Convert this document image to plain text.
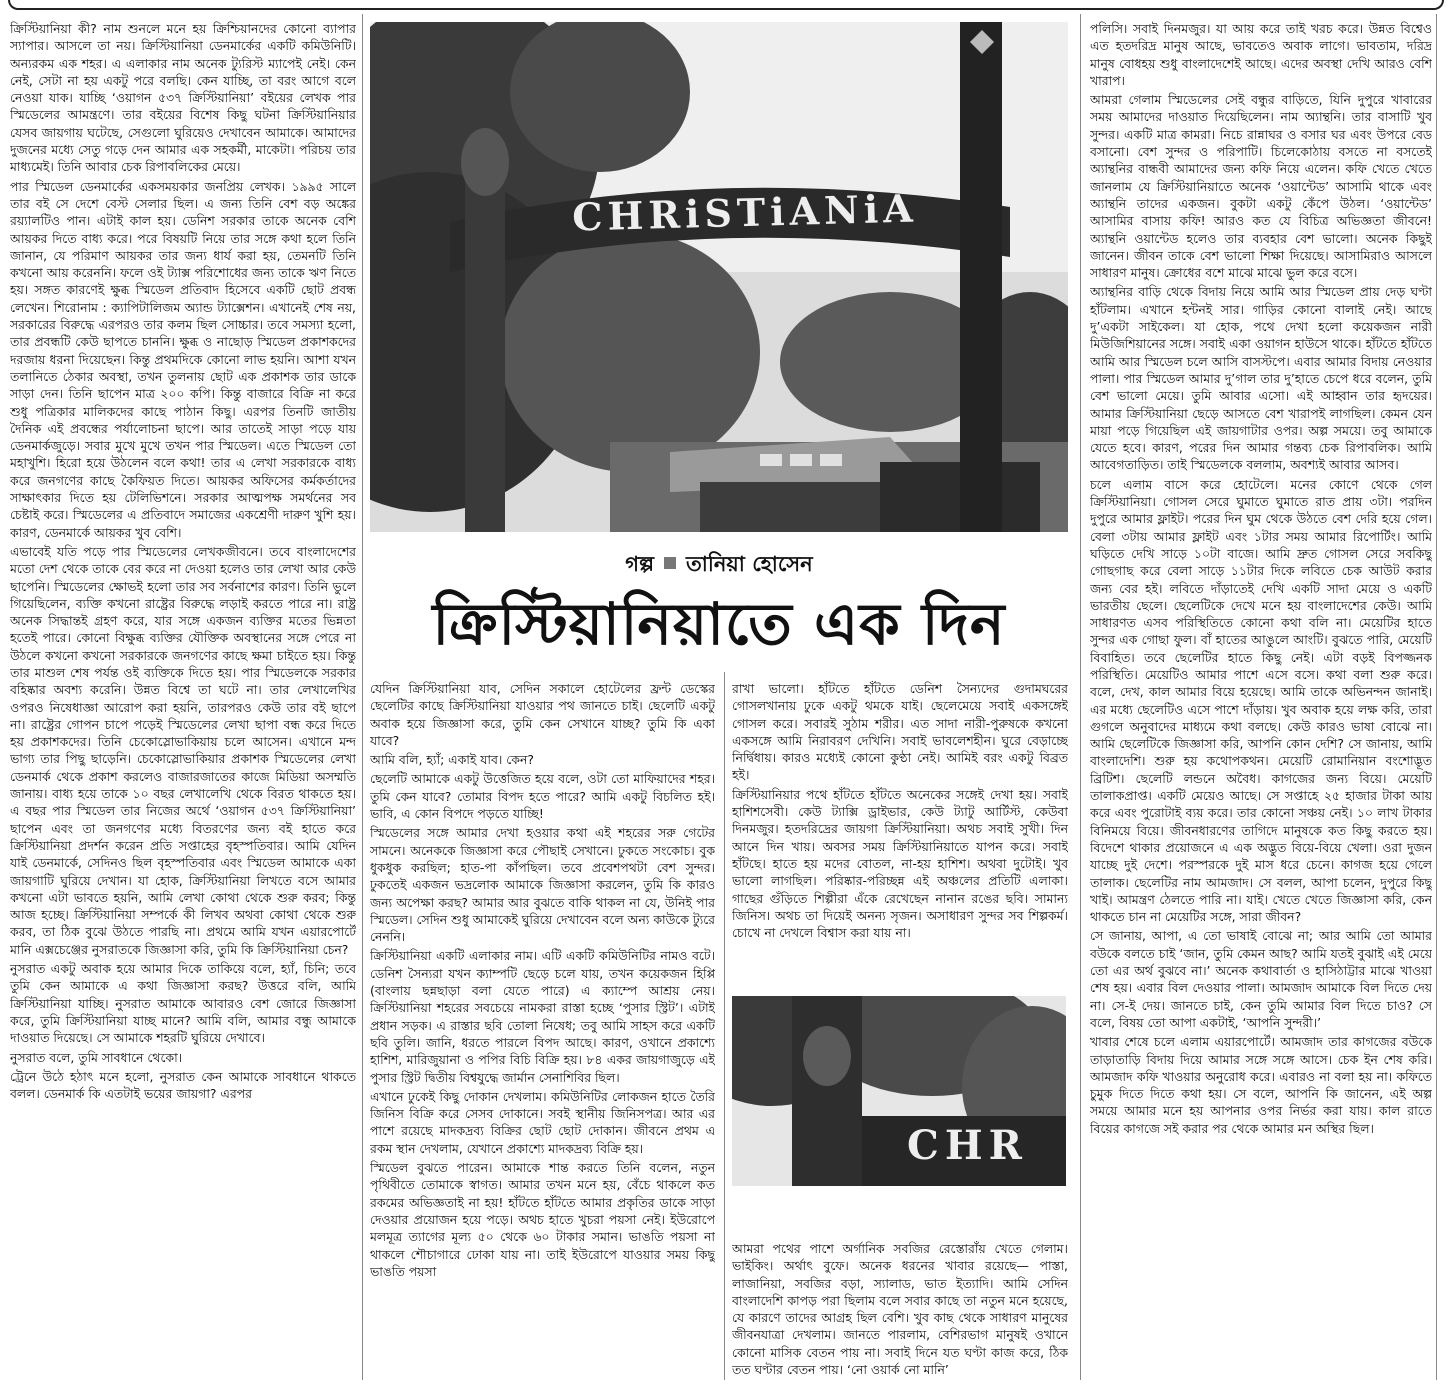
ক্রিস্টিয়ানিয়া কী? নাম শুনলে মনে হয় ক্রিশ্চিয়ানদের কোনো ব্যাপার স্যাপার। আসলে তা নয়। ক্রিস্টিয়ানিয়া ডেনমার্কের একটি কমিউনিটি। অন্যরকম এক শহর। এ এলাকার নাম অনেক ট্যুরিস্ট ম্যাপেই নেই। কেন নেই, সেটা না হয় একটু পরে বলছি। কেন যাচ্ছি, তা বরং আগে বলে নেওয়া যাক। যাচ্ছি ‘ওয়াগন ৫৩৭ ক্রিস্টিয়ানিয়া’ বইয়ের লেখক পার স্মিডেলের আমন্ত্রণে। তার বইয়ের বিশেষ কিছু ঘটনা ক্রিস্টিয়ানিয়ার যেসব জায়গায় ঘটেছে, সেগুলো ঘুরিয়েও দেখাবেন আমাকে। আমাদের দুজনের মধ্যে সেতু গড়ে দেন আমার এক সহকর্মী, মাকেটা। পরিচয় তার মাধ্যমেই। তিনি আবার চেক রিপাবলিকের মেয়ে।

পার স্মিডেল ডেনমার্কের একসময়কার জনপ্রিয় লেখক। ১৯৯৫ সালে তার বই সে দেশে বেস্ট সেলার ছিল। এ জন্য তিনি বেশ বড় অঙ্কের রয়্যালটিও পান। এটাই কাল হয়। ডেনিশ সরকার তাকে অনেক বেশি আয়কর দিতে বাধ্য করে। পরে বিষয়টি নিয়ে তার সঙ্গে কথা হলে তিনি জানান, যে পরিমাণ আয়কর তার জন্য ধার্য করা হয়, তেমনটি তিনি কখনো আয় করেননি। ফলে ওই ট্যাক্স পরিশোধের জন্য তাকে ঋণ নিতে হয়। সঙ্গত কারণেই ক্ষুব্ধ স্মিডেল প্রতিবাদ হিসেবে একটি ছোট প্রবন্ধ লেখেন। শিরোনাম : ক্যাপিটালিজম অ্যান্ড ট্যাক্সেশন। এখানেই শেষ নয়, সরকারের বিরুদ্ধে এরপরও তার কলম ছিল সোচ্চার। তবে সমস্যা হলো, তার প্রবন্ধটি কেউ ছাপতে চাননি। ক্ষুব্ধ ও নাছোড় স্মিডেল প্রকাশকদের দরজায় ধরনা দিয়েছেন। কিন্তু প্রথমদিকে কোনো লাভ হয়নি। আশা যখন তলানিতে ঠেকার অবস্থা, তখন তুলনায় ছোট এক প্রকাশক তার ডাকে সাড়া দেন। তিনি ছাপেন মাত্র ২০০ কপি। কিন্তু বাজারে বিক্রি না করে শুধু পত্রিকার মালিকদের কাছে পাঠান কিছু। এরপর তিনটি জাতীয় দৈনিক এই প্রবন্ধের পর্যালোচনা ছাপে। আর তাতেই সাড়া পড়ে যায় ডেনমার্কজুড়ে। সবার মুখে মুখে তখন পার স্মিডেল। এতে স্মিডেল তো মহাখুশি। হিরো হয়ে উঠলেন বলে কথা! তার এ লেখা সরকারকে বাধ্য করে জনগণের কাছে কৈফিয়ত দিতে। আয়কর অফিসের কর্মকর্তাদের সাক্ষাৎকার দিতে হয় টেলিভিশনে। সরকার আত্মপক্ষ সমর্থনের সব চেষ্টাই করে। স্মিডেলের এ প্রতিবাদে সমাজের একশ্রেণী দারুণ খুশি হয়। কারণ, ডেনমার্কে আয়কর খুব বেশি।

এভাবেই যতি পড়ে পার স্মিডেলের লেখকজীবনে। তবে বাংলাদেশের মতো দেশ থেকে তাকে বের করে না দেওয়া হলেও তার লেখা আর কেউ ছাপেনি। স্মিডেলের ক্ষোভই হলো তার সব সর্বনাশের কারণ। তিনি ভুলে গিয়েছিলেন, ব্যক্তি কখনো রাষ্ট্রের বিরুদ্ধে লড়াই করতে পারে না। রাষ্ট্র অনেক সিদ্ধান্তই গ্রহণ করে, যার সঙ্গে একজন ব্যক্তির মতের ভিন্নতা হতেই পারে। কোনো বিক্ষুব্ধ ব্যক্তির যৌক্তিক অবস্থানের সঙ্গে পেরে না উঠলে কখনো কখনো সরকারকে জনগণের কাছে ক্ষমা চাইতে হয়। কিন্তু তার মাশুল শেষ পর্যন্ত ওই ব্যক্তিকে দিতে হয়। পার স্মিডেলকে সরকার বহিষ্কার অবশ্য করেনি। উন্নত বিশ্বে তা ঘটে না। তার লেখালেখির ওপরও নিষেধাজ্ঞা আরোপ করা হয়নি, তারপরও কেউ তার বই ছাপে না। রাষ্ট্রের গোপন চাপে পড়েই স্মিডেলের লেখা ছাপা বন্ধ করে দিতে হয় প্রকাশকদের। তিনি চেকোস্লোভাকিয়ায় চলে আসেন। এখানে মন্দ ভাগ্য তার পিছু ছাড়েনি। চেকোস্লোভাকিয়ার প্রকাশক স্মিডেলের লেখা ডেনমার্ক থেকে প্রকাশ করলেও বাজারজাতের কাজে মিডিয়া অসম্মতি জানায়। বাধ্য হয়ে তাকে ১০ বছর লেখালেখি থেকে বিরত থাকতে হয়। এ বছর পার স্মিডেল তার নিজের অর্থে ‘ওয়াগন ৫৩৭ ক্রিস্টিয়ানিয়া’ ছাপেন এবং তা জনগণের মধ্যে বিতরণের জন্য বই হাতে করে ক্রিস্টিয়ানিয়া প্রদর্শন করেন প্রতি সপ্তাহের বৃহস্পতিবার। আমি যেদিন যাই ডেনমার্কে, সেদিনও ছিল বৃহস্পতিবার এবং স্মিডেল আমাকে একা জায়গাটি ঘুরিয়ে দেখান। যা হোক, ক্রিস্টিয়ানিয়া লিখতে বসে আমার কখনো এটা ভাবতে হয়নি, আমি লেখা কোথা থেকে শুরু করব; কিন্তু আজ হচ্ছে। ক্রিস্টিয়ানিয়া সম্পর্কে কী লিখব অথবা কোথা থেকে শুরু করব, তা ঠিক বুঝে উঠতে পারছি না। প্রথমে আমি যখন এয়ারপোর্টে মানি এক্সচেঞ্জের নুসরাতকে জিজ্ঞাসা করি, তুমি কি ক্রিস্টিয়ানিয়া চেন?

নুসরাত একটু অবাক হয়ে আমার দিকে তাকিয়ে বলে, হ্যাঁ, চিনি; তবে তুমি কেন আমাকে এ কথা জিজ্ঞাসা করছ? উত্তরে বলি, আমি ক্রিস্টিয়ানিয়া যাচ্ছি। নুসরাত আমাকে আবারও বেশ জোরে জিজ্ঞাসা করে, তুমি ক্রিস্টিয়ানিয়া যাচ্ছ মানে? আমি বলি, আমার বন্ধু আমাকে দাওয়াত দিয়েছে। সে আমাকে শহরটি ঘুরিয়ে দেখাবে।

নুসরাত বলে, তুমি সাবধানে থেকো।

ট্রেনে উঠে হঠাৎ মনে হলো, নুসরাত কেন আমাকে সাবধানে থাকতে বলল। ডেনমার্ক কি এতটাই ভয়ের জায়গা? এরপর

CHRiSTiANiA
গল্প তানিয়া হোসেন
ক্রিস্টিয়ানিয়াতে এক দিন

যেদিন ক্রিস্টিয়ানিয়া যাব, সেদিন সকালে হোটেলের ফ্রন্ট ডেস্কের ছেলেটির কাছে ক্রিস্টিয়ানিয়া যাওয়ার পথ জানতে চাই। ছেলেটি একটু অবাক হয়ে জিজ্ঞাসা করে, তুমি কেন সেখানে যাচ্ছ? তুমি কি একা যাবে?

আমি বলি, হ্যাঁ; একাই যাব। কেন?

ছেলেটি আমাকে একটু উত্তেজিত হয়ে বলে, ওটা তো মাফিয়াদের শহর। তুমি কেন যাবে? তোমার বিপদ হতে পারে? আমি একটু বিচলিত হই। ভাবি, এ কোন বিপদে পড়তে যাচ্ছি!

স্মিডেলের সঙ্গে আমার দেখা হওয়ার কথা এই শহরের সরু গেটের সামনে। অনেককে জিজ্ঞাসা করে পৌছাই সেখানে। ঢুকতে সংকোচ। বুক ধুকধুক করছিল; হাত-পা কাঁপছিল। তবে প্রবেশপথটা বেশ সুন্দর। ঢুকতেই একজন ভদ্রলোক আমাকে জিজ্ঞাসা করলেন, তুমি কি কারও জন্য অপেক্ষা করছ? আমার আর বুঝতে বাকি থাকল না যে, উনিই পার স্মিডেল। সেদিন শুধু আমাকেই ঘুরিয়ে দেখাবেন বলে অন্য কাউকে ট্যুরে নেননি।

ক্রিস্টিয়ানিয়া একটি এলাকার নাম। এটি একটি কমিউনিটির নামও বটে। ডেনিশ সৈন্যরা যখন ক্যাম্পটি ছেড়ে চলে যায়, তখন কয়েকজন হিপ্পি (বাংলায় ছন্নছাড়া বলা যেতে পারে) এ ক্যাম্পে আশ্রয় নেয়। ক্রিস্টিয়ানিয়া শহরের সবচেয়ে নামকরা রাস্তা হচ্ছে ‘পুসার স্ট্রিট’। এটাই প্রধান সড়ক। এ রাস্তার ছবি তোলা নিষেধ; তবু আমি সাহস করে একটি ছবি তুলি। জানি, ধরতে পারলে বিপদ আছে। কারণ, ওখানে প্রকাশ্যে হাশিশ, মারিজুয়ানা ও পপির বিচি বিক্রি হয়। ৮৪ একর জায়গাজুড়ে এই পুসার স্ট্রিট দ্বিতীয় বিশ্বযুদ্ধে জার্মান সেনাশিবির ছিল।

এখানে ঢুকেই কিছু দোকান দেখলাম। কমিউনিটির লোকজন হাতে তৈরি জিনিস বিক্রি করে সেসব দোকানে। সবই স্থানীয় জিনিসপত্র। আর এর পাশে রয়েছে মাদকদ্রব্য বিক্রির ছোট ছোট দোকান। জীবনে প্রথম এ রকম স্থান দেখলাম, যেখানে প্রকাশ্যে মাদকদ্রব্য বিক্রি হয়।

স্মিডেল বুঝতে পারেন। আমাকে শান্ত করতে তিনি বলেন, নতুন পৃথিবীতে তোমাকে স্বাগত। আমার তখন মনে হয়, বেঁচে থাকলে কত রকমের অভিজ্ঞতাই না হয়! হাঁটতে হাঁটতে আমার প্রকৃতির ডাকে সাড়া দেওয়ার প্রয়োজন হয়ে পড়ে। অথচ হাতে খুচরা পয়সা নেই। ইউরোপে মলমূত্র ত্যাগের মূল্য ৫০ থেকে ৬০ টাকার সমান। ভাঙতি পয়সা না থাকলে শৌচাগারে ঢোকা যায় না। তাই ইউরোপে যাওয়ার সময় কিছু ভাঙতি পয়সা

রাখা ভালো। হাঁটতে হাঁটতে ডেনিশ সৈন্যদের গুদামঘরের গোসলখানায় ঢুকে একটু থমকে যাই। ছেলেমেয়ে সবাই একসঙ্গেই গোসল করে। সবারই সুঠাম শরীর। এত সাদা নারী-পুরুষকে কখনো একসঙ্গে আমি নিরাবরণ দেখিনি। সবাই ভাবলেশহীন। ঘুরে বেড়াচ্ছে নির্দ্বিধায়। কারও মধ্যেই কোনো কুণ্ঠা নেই। আমিই বরং একটু বিব্রত হই।

ক্রিস্টিয়ানিয়ার পথে হাঁটতে হাঁটতে অনেকের সঙ্গেই দেখা হয়। সবাই হাশিশসেবী। কেউ ট্যাক্সি ড্রাইভার, কেউ ট্যাটু আর্টিস্ট, কেউবা দিনমজুর। হতদরিদ্রের জায়গা ক্রিস্টিয়ানিয়া। অথচ সবাই সুখী। দিন আনে দিন খায়। অবসর সময় ক্রিস্টিয়ানিয়াতে যাপন করে। সবাই হাঁটছে। হাতে হয় মদের বোতল, না-হয় হাশিশ। অথবা দুটোই। খুব ভালো লাগছিল। পরিষ্কার-পরিচ্ছন্ন এই অঞ্চলের প্রতিটি এলাকা। গাছের গুঁড়িতে শিল্পীরা এঁকে রেখেছেন নানান রঙের ছবি। সামান্য জিনিস। অথচ তা দিয়েই অনন্য সৃজন। অসাধারণ সুন্দর সব শিল্পকর্ম। চোখে না দেখলে বিশ্বাস করা যায় না।

CHR

আমরা পথের পাশে অর্গানিক সবজির রেস্তোরাঁয় খেতে গেলাম। ভাইকিং। অর্থাৎ বুফে। অনেক ধরনের খাবার রয়েছে— পাস্তা, লাজানিয়া, সবজির বড়া, স্যালাড, ভাত ইত্যাদি। আমি সেদিন বাংলাদেশি কাপড় পরা ছিলাম বলে সবার কাছে তা নতুন মনে হয়েছে, যে কারণে তাদের আগ্রহ ছিল বেশি। খুব কাছ থেকে সাধারণ মানুষের জীবনযাত্রা দেখলাম। জানতে পারলাম, বেশিরভাগ মানুষই ওখানে কোনো মাসিক বেতন পায় না। সবাই দিনে যত ঘণ্টা কাজ করে, ঠিক তত ঘণ্টার বেতন পায়। ‘নো ওয়ার্ক নো মানি’

পলিসি। সবাই দিনমজুর। যা আয় করে তাই খরচ করে। উন্নত বিশ্বেও এত হতদরিদ্র মানুষ আছে, ভাবতেও অবাক লাগে। ভাবতাম, দরিদ্র মানুষ বোধহয় শুধু বাংলাদেশেই আছে। এদের অবস্থা দেখি আরও বেশি খারাপ।

আমরা গেলাম স্মিডেলের সেই বন্ধুর বাড়িতে, যিনি দুপুরে খাবারের সময় আমাদের দাওয়াত দিয়েছিলেন। নাম অ্যান্থনি। তার বাসাটি খুব সুন্দর। একটি মাত্র কামরা। নিচে রান্নাঘর ও বসার ঘর এবং উপরে বেড বসানো। বেশ সুন্দর ও পরিপাটি। চিলেকোঠায় বসতে না বসতেই অ্যান্থনির বান্ধবী আমাদের জন্য কফি নিয়ে এলেন। কফি খেতে খেতে জানলাম যে ক্রিস্টিয়ানিয়াতে অনেক ‘ওয়ান্টেড’ আসামি থাকে এবং অ্যান্থনি তাদের একজন। বুকটা একটু কেঁপে উঠল। ‘ওয়ান্টেড’ আসামির বাসায় কফি! আরও কত যে বিচিত্র অভিজ্ঞতা জীবনে! অ্যান্থনি ওয়ান্টেড হলেও তার ব্যবহার বেশ ভালো। অনেক কিছুই জানেন। জীবন তাকে বেশ ভালো শিক্ষা দিয়েছে। আসামিরাও আসলে সাধারণ মানুষ। ক্রোধের বশে মাঝে মাঝে ভুল করে বসে।

অ্যান্থনির বাড়ি থেকে বিদায় নিয়ে আমি আর স্মিডেল প্রায় দেড় ঘণ্টা হাঁটলাম। এখানে হন্টনই সার। গাড়ির কোনো বালাই নেই। আছে দু’একটা সাইকেল। যা হোক, পথে দেখা হলো কয়েকজন নারী মিউজিশিয়ানের সঙ্গে। সবাই একা ওয়াগন হাউসে থাকে। হাঁটতে হাঁটতে আমি আর স্মিডেল চলে আসি বাসস্টপে। এবার আমার বিদায় নেওয়ার পালা। পার স্মিডেল আমার দু’গাল তার দু’হাতে চেপে ধরে বলেন, তুমি বেশ ভালো মেয়ে। তুমি আবার এসো। এই আহ্বান তার হৃদয়ের। আমার ক্রিস্টিয়ানিয়া ছেড়ে আসতে বেশ খারাপই লাগছিল। কেমন যেন মায়া পড়ে গিয়েছিল এই জায়গাটার ওপর। অল্প সময়ে। তবু আমাকে যেতে হবে। কারণ, পরের দিন আমার গন্তব্য চেক রিপাবলিক। আমি আবেগতাড়িত। তাই স্মিডেলকে বললাম, অবশ্যই আবার আসব।

চলে এলাম বাসে করে হোটেলে। মনের কোণে থেকে গেল ক্রিস্টিয়ানিয়া। গোসল সেরে ঘুমাতে ঘুমাতে রাত প্রায় ৩টা। পরদিন দুপুরে আমার ফ্লাইট। পরের দিন ঘুম থেকে উঠতে বেশ দেরি হয়ে গেল। বেলা ৩টায় আমার ফ্লাইট এবং ১টার সময় আমার রিপোর্টিং। আমি ঘড়িতে দেখি সাড়ে ১০টা বাজে। আমি দ্রুত গোসল সেরে সবকিছু গোছগাছ করে বেলা সাড়ে ১১টার দিকে লবিতে চেক আউট করার জন্য বের হই। লবিতে দাঁড়াতেই দেখি একটি সাদা মেয়ে ও একটি ভারতীয় ছেলে। ছেলেটিকে দেখে মনে হয় বাংলাদেশের কেউ। আমি সাধারণত এসব পরিস্থিতিতে কোনো কথা বলি না। মেয়েটির হাতে সুন্দর এক গোছা ফুল। বাঁ হাতের আঙুলে আংটি। বুঝতে পারি, মেয়েটি বিবাহিত। তবে ছেলেটির হাতে কিছু নেই। এটা বড়ই বিপজ্জনক পরিস্থিতি। মেয়েটিও আমার পাশে এসে বসে। কথা বলা শুরু করে। বলে, দেখ, কাল আমার বিয়ে হয়েছে। আমি তাকে অভিনন্দন জানাই। এর মধ্যে ছেলেটিও এসে পাশে দাঁড়ায়। খুব অবাক হয়ে লক্ষ করি, তারা গুগলে অনুবাদের মাধ্যমে কথা বলছে। কেউ কারও ভাষা বোঝে না। আমি ছেলেটিকে জিজ্ঞাসা করি, আপনি কোন দেশি? সে জানায়, আমি বাংলাদেশি। শুরু হয় কথোপকথন। মেয়েটি রোমানিয়ান বংশোদ্ভূত ব্রিটিশ। ছেলেটি লন্ডনে অবৈধ। কাগজের জন্য বিয়ে। মেয়েটি তালাকপ্রাপ্ত। একটি মেয়েও আছে। সে সপ্তাহে ২৫ হাজার টাকা আয় করে এবং পুরোটাই ব্যয় করে। তার কোনো সঞ্চয় নেই। ১০ লাখ টাকার বিনিময়ে বিয়ে। জীবনধারণের তাগিদে মানুষকে কত কিছু করতে হয়। বিদেশে থাকার প্রয়োজনে এ এক অদ্ভুত বিয়ে-বিয়ে খেলা। ওরা দুজন যাচ্ছে দুই দেশে। পরস্পরকে দুই মাস ধরে চেনে। কাগজ হয়ে গেলে তালাক। ছেলেটির নাম আমজাদ। সে বলল, আপা চলেন, দুপুরে কিছু খাই। আমন্ত্রণ ঠেলতে পারি না। যাই। খেতে খেতে জিজ্ঞাসা করি, কেন থাকতে চান না মেয়েটির সঙ্গে, সারা জীবন?

সে জানায়, আপা, এ তো ভাষাই বোঝে না; আর আমি তো আমার বউকে বলতে চাই ‘জান, তুমি কেমন আছ? আমি যতই বুঝাই এই মেয়ে তো এর অর্থ বুঝবে না।’ অনেক কথাবার্তা ও হাসিঠাট্টার মাঝে খাওয়া শেষ হয়। এবার বিল দেওয়ার পালা। আমজাদ আমাকে বিল দিতে দেয় না। সে-ই দেয়। জানতে চাই, কেন তুমি আমার বিল দিতে চাও? সে বলে, বিষয় তো আপা একটাই, ‘আপনি সুন্দরী।’

খাবার শেষে চলে এলাম এয়ারপোর্টে। আমজাদ তার কাগজের বউকে তাড়াতাড়ি বিদায় দিয়ে আমার সঙ্গে সঙ্গে আসে। চেক ইন শেষ করি। আমজাদ কফি খাওয়ার অনুরোধ করে। এবারও না বলা হয় না। কফিতে চুমুক দিতে দিতে কথা হয়। সে বলে, আপনি কি জানেন, এই অল্প সময়ে আমার মনে হয় আপনার ওপর নির্ভর করা যায়। কাল রাতে বিয়ের কাগজে সই করার পর থেকে আমার মন অস্থির ছিল।
